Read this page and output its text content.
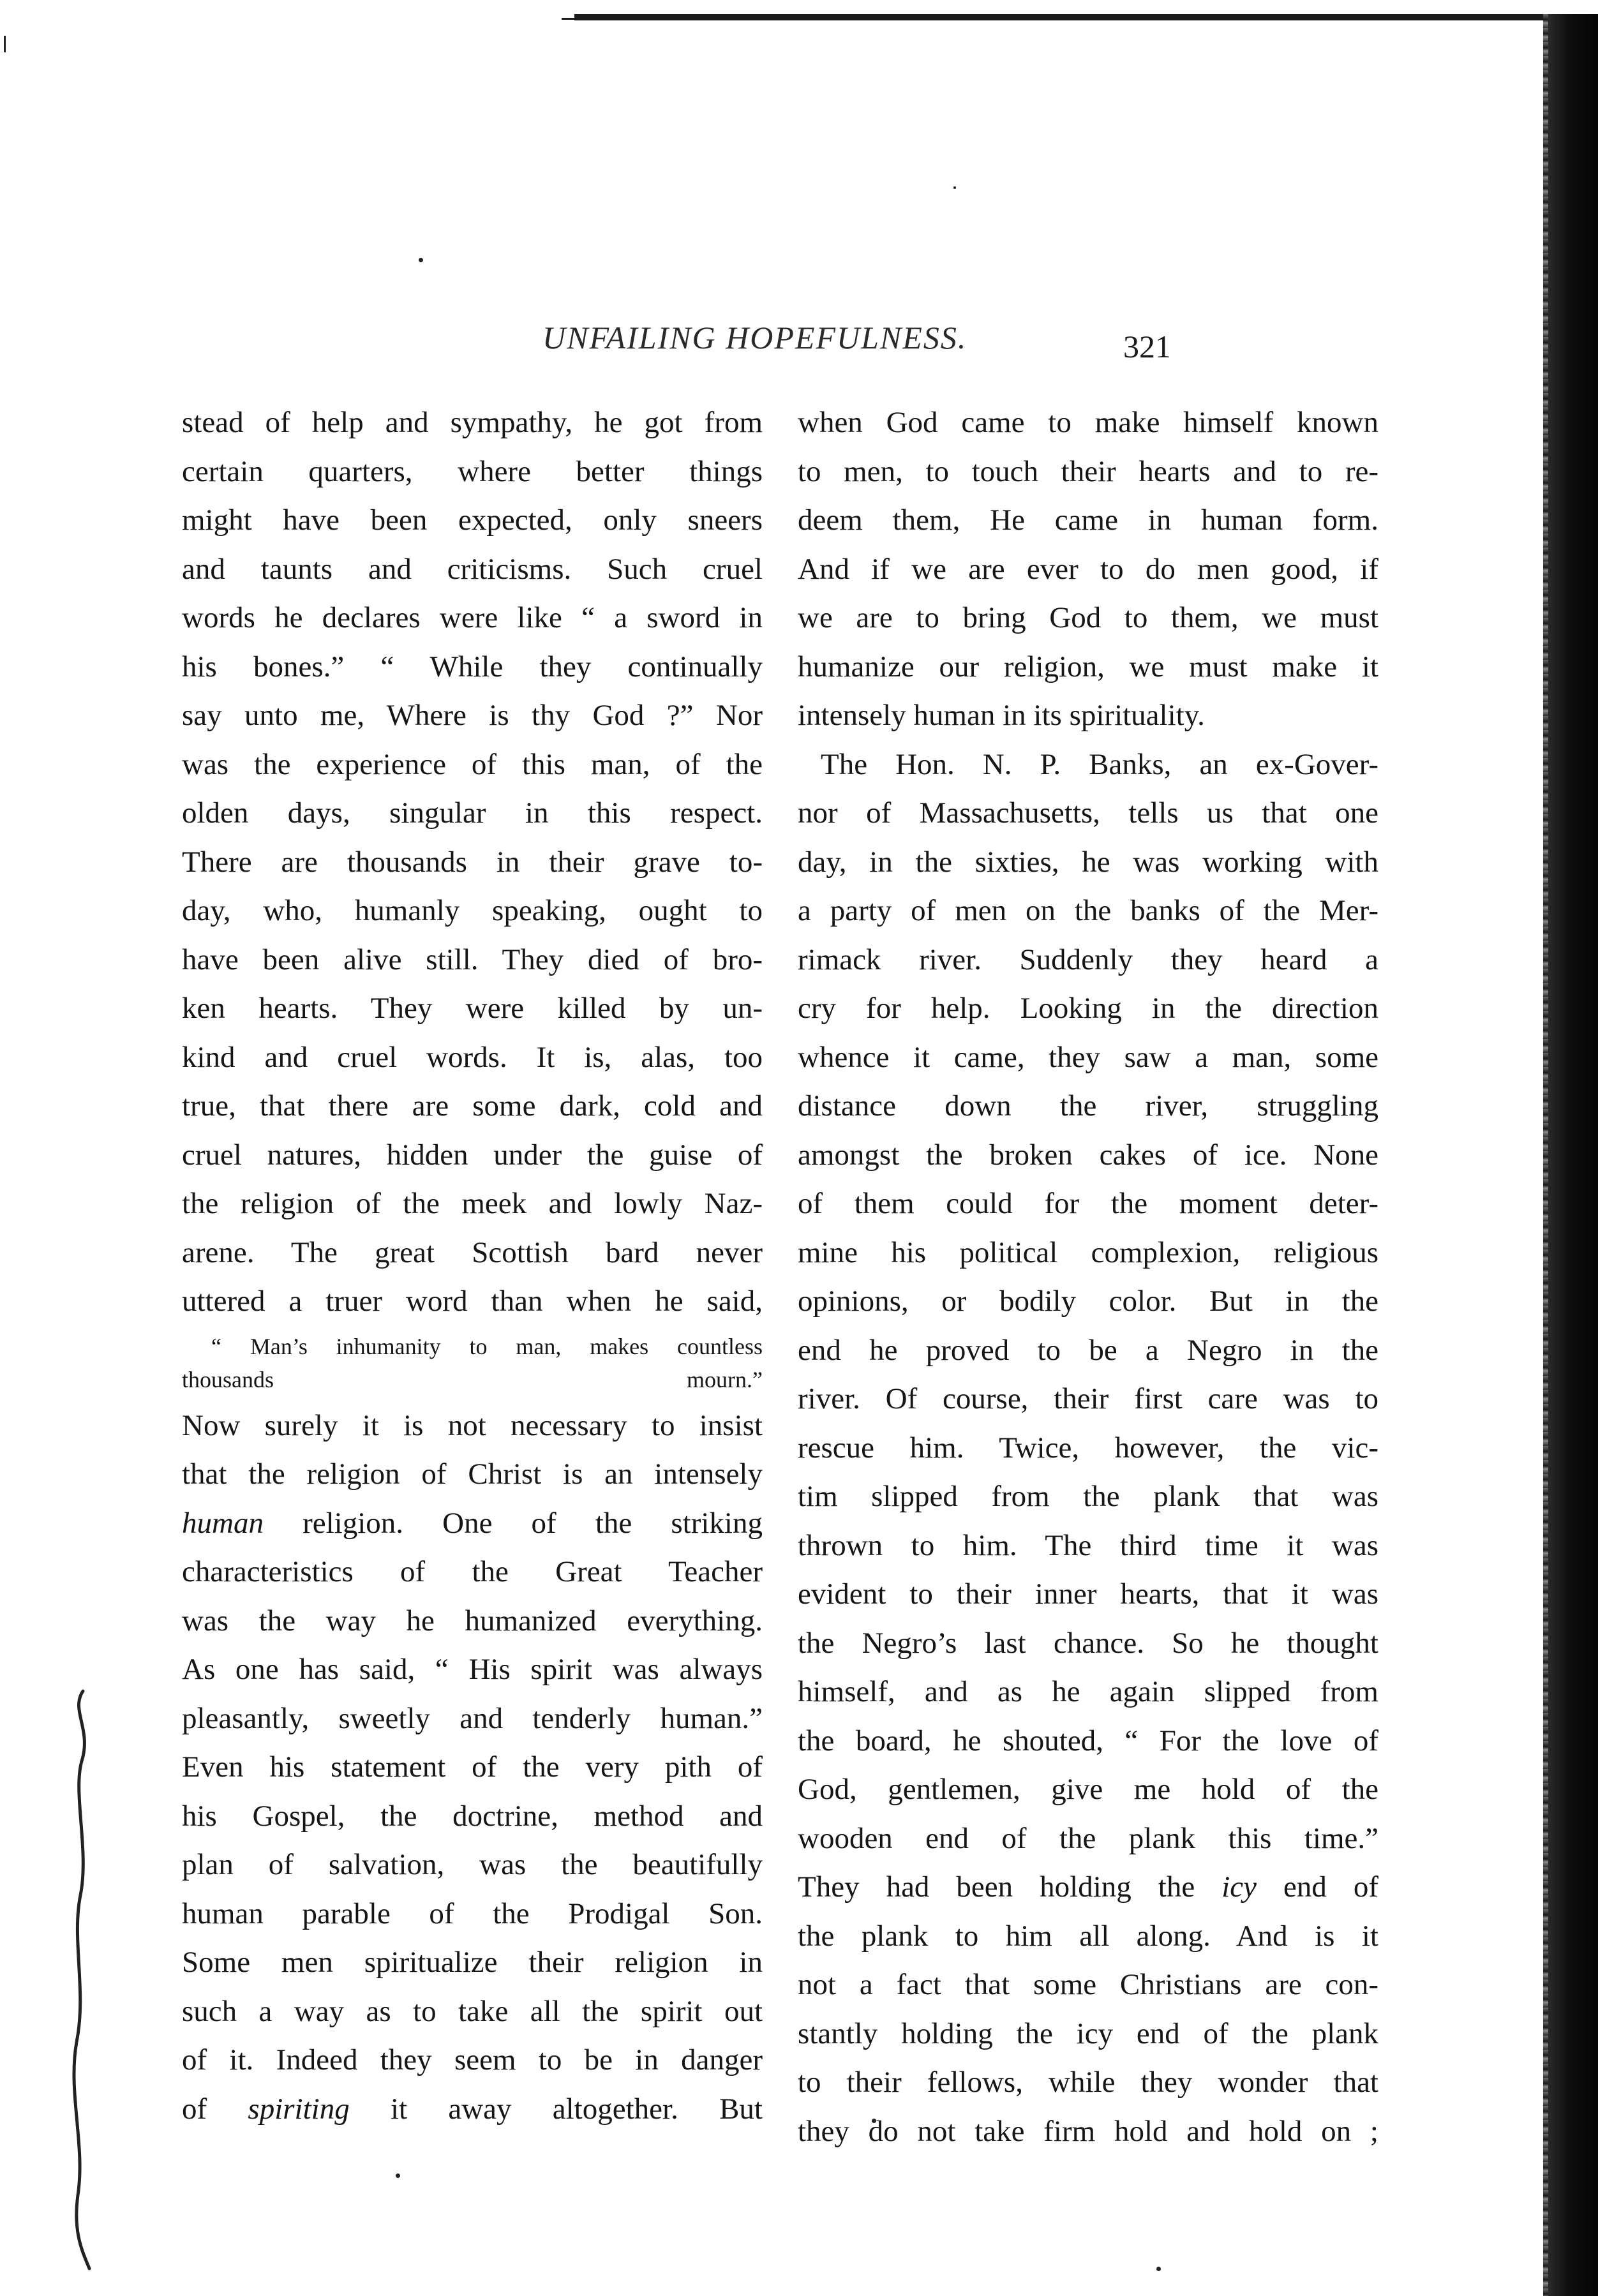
UNFAILING HOPEFULNESS.	321
stead of help and sympathy, he got from
certain quarters, where better things
might have been expected, only sneers
and taunts and criticisms. Such cruel
words he declares were like “ a sword in
his bones.” “ While they continually
say unto me, Where is thy God ?” Nor
was the experience of this man, of the
olden days, singular in this respect.
There are thousands in their grave to-
day, who, humanly speaking, ought to
have been alive still. They died of bro-
ken hearts. They were killed by un-
kind and cruel words. It is, alas, too
true, that there are some dark, cold and
cruel natures, hidden under the guise of
the religion of the meek and lowly Naz-
arene. The great Scottish bard never
uttered a truer word than when he said,
“ Man’s inhumanity to man, makes countless
thousands mourn.”
Now surely it is not necessary to insist
that the religion of Christ is an intensely
human religion. One of the striking
characteristics of the Great Teacher
was the way he humanized everything.
As one has said, “ His spirit was always
pleasantly, sweetly and tenderly human.”
Even his statement of the very pith of
his Gospel, the doctrine, method and
plan of salvation, was the beautifully
human parable of the Prodigal Son.
Some men spiritualize their religion in
such a way as to take all the spirit out
of it. Indeed they seem to be in danger
of spiriting it away altogether. But
when God came to make himself known
to men, to touch their hearts and to re-
deem them, He came in human form.
And if we are ever to do men good, if
we are to bring God to them, we must
humanize our religion, we must make it
intensely human in its spirituality.
The Hon. N. P. Banks, an ex-Gover-
nor of Massachusetts, tells us that one
day, in the sixties, he was working with
a party of men on the banks of the Mer-
rimack river. Suddenly they heard a
cry for help. Looking in the direction
whence it came, they saw a man, some
distance down the river, struggling
amongst the broken cakes of ice. None
of them could for the moment deter-
mine his political complexion, religious
opinions, or bodily color. But in the
end he proved to be a Negro in the
river. Of course, their first care was to
rescue him. Twice, however, the vic-
tim slipped from the plank that was
thrown to him. The third time it was
evident to their inner hearts, that it was
the Negro’s last chance. So he thought
himself, and as he again slipped from
the board, he shouted, “ For the love of
God, gentlemen, give me hold of the
wooden end of the plank this time.”
They had been holding the icy end of
the plank to him all along. And is it
not a fact that some Christians are con-
stantly holding the icy end of the plank
to their fellows, while they wonder that
they do not take firm hold and hold on ;
